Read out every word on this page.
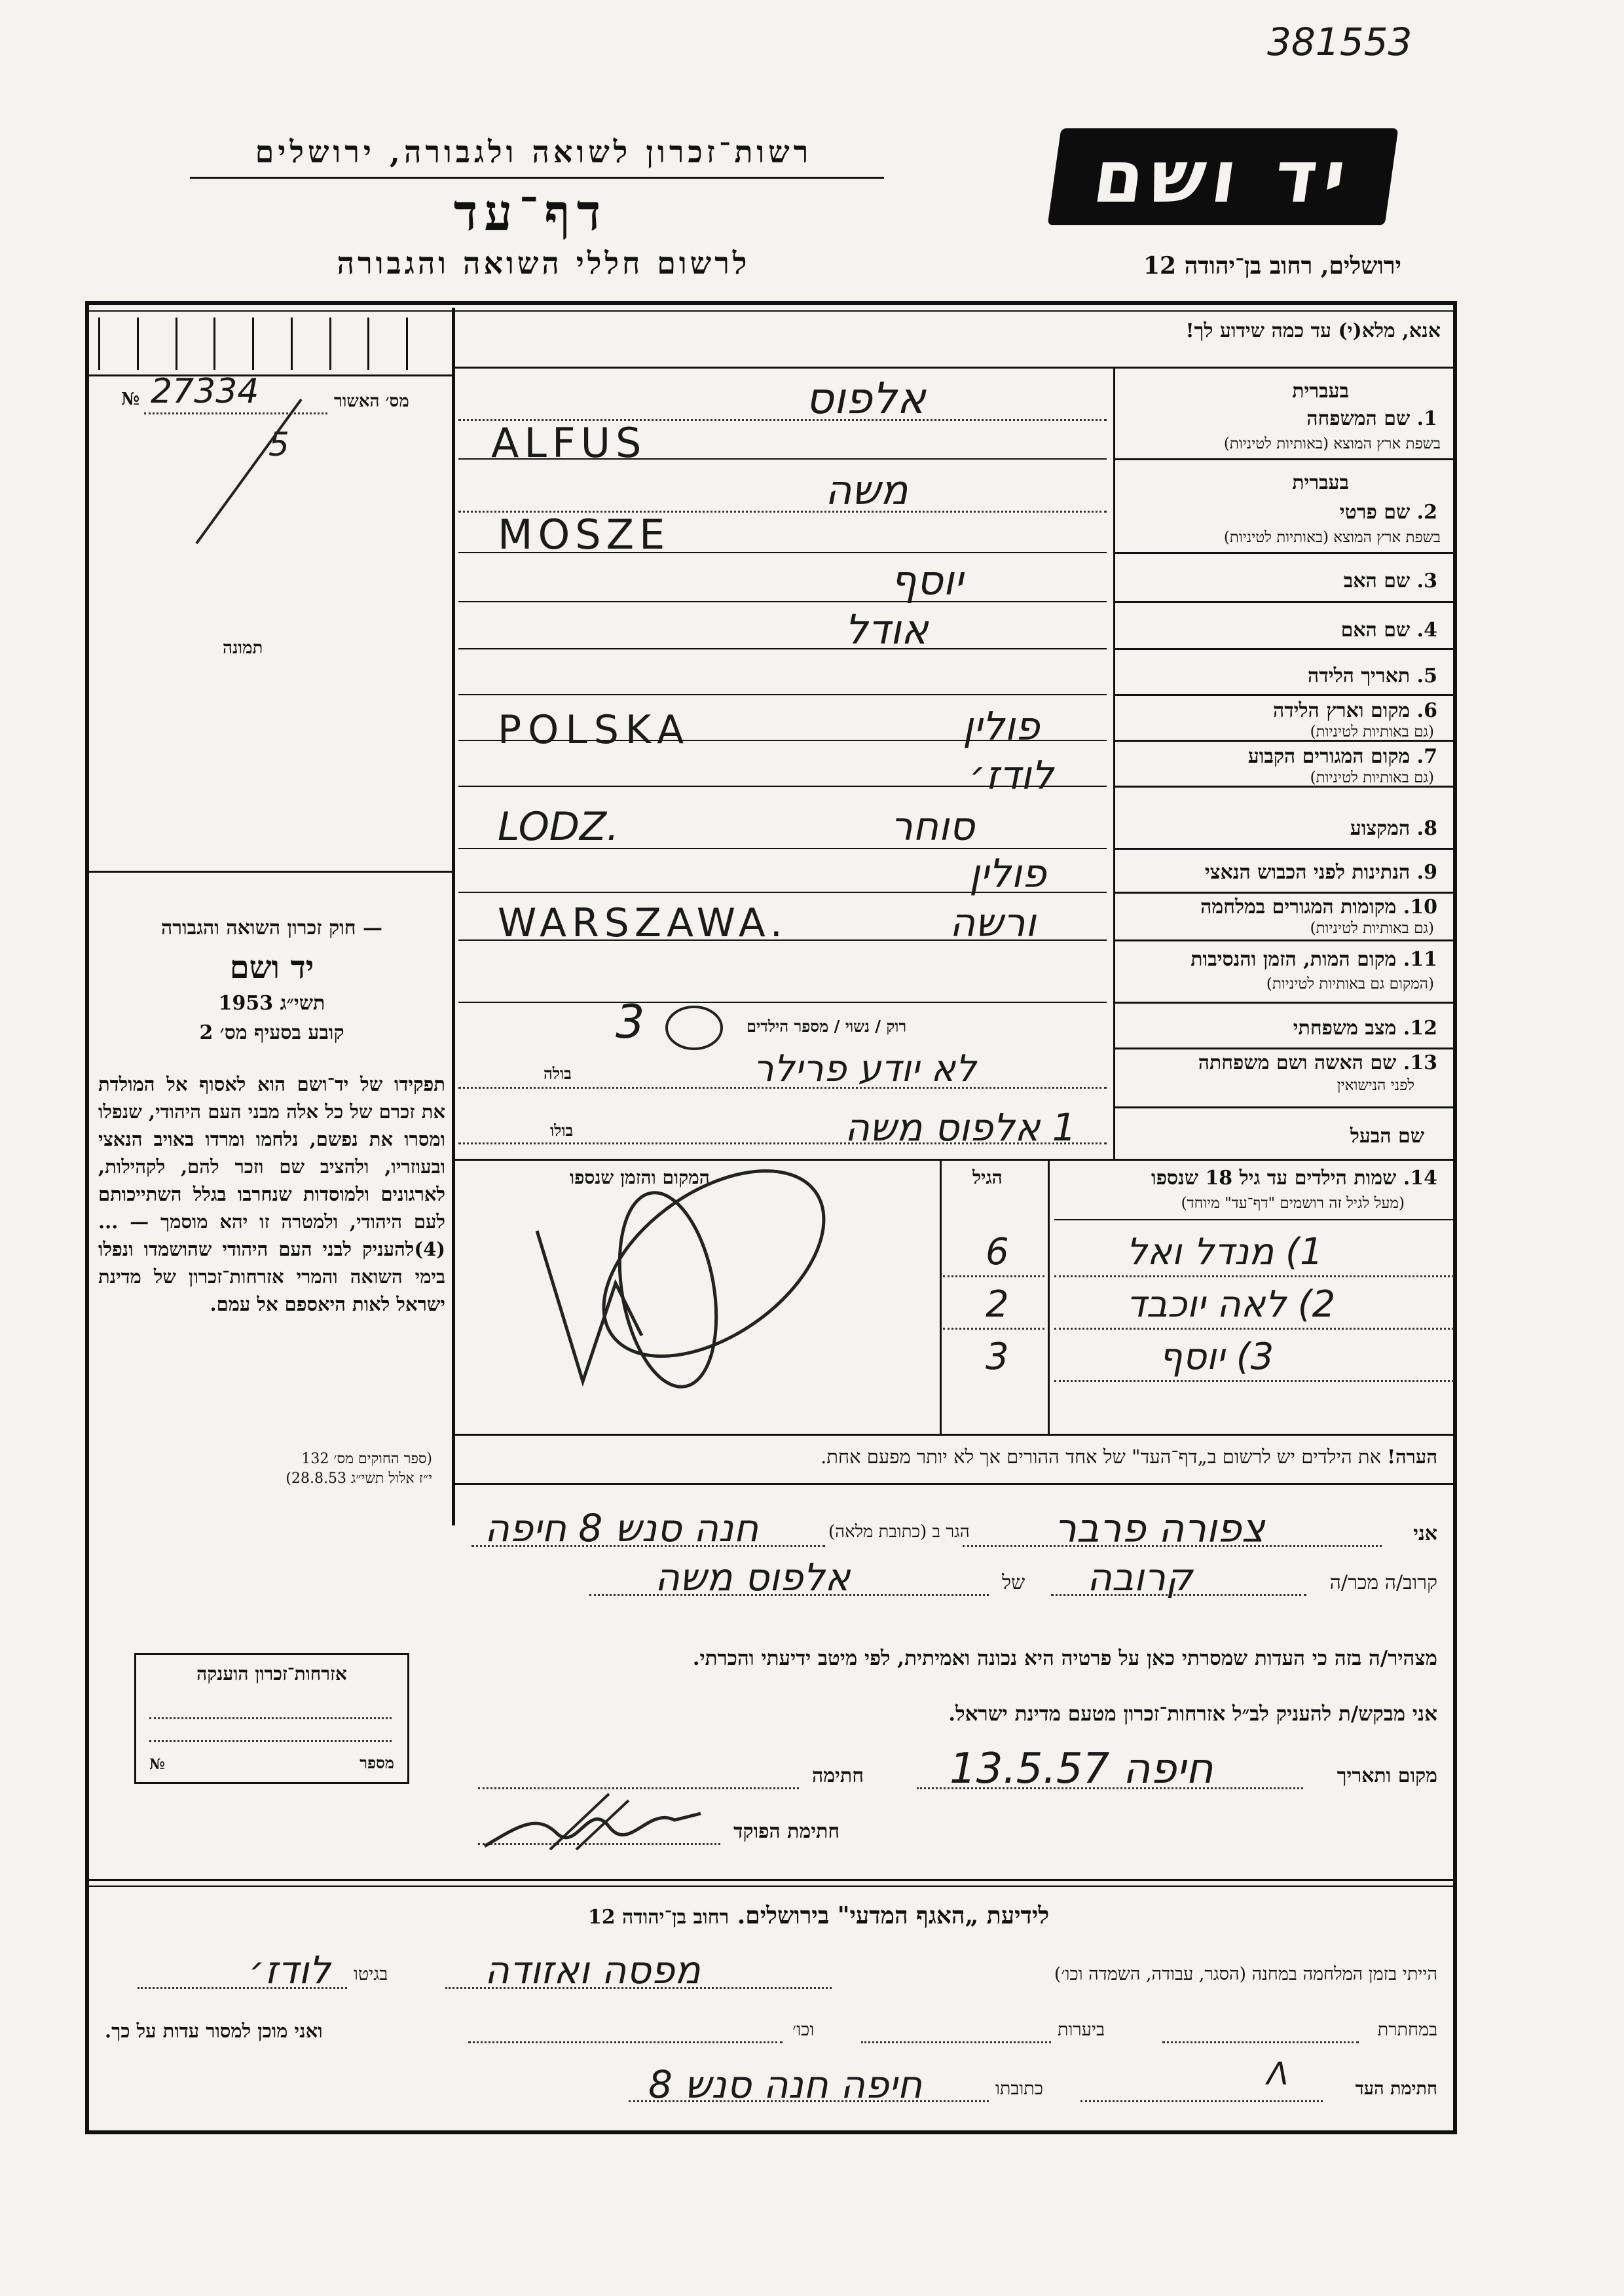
381553
רשות־זכרון לשואה ולגבורה, ירושלים
דף־עד
לרשום חללי השואה והגבורה
יד ושם
ירושלים, רחוב בן־יהודה 12
№ 27334	מס׳ האשור
5
תמונה
אנא, מלא(י) עד כמה שידוע לך!
בעברית
1. שם המשפחה
בשפת ארץ המוצא (באותיות לטיניות)
בעברית
2. שם פרטי
בשפת ארץ המוצא (באותיות לטיניות)
3. שם האב
4. שם האם
5. תאריך הלידה
6. מקום וארץ הלידה
(גם באותיות לטיניות)
7. מקום המגורים הקבוע
(גם באותיות לטיניות)
8. המקצוע
9. הנתינות לפני הכבוש הנאצי
10. מקומות המגורים במלחמה
(גם באותיות לטיניות)
11. מקום המות, הזמן והנסיבות
(המקום גם באותיות לטיניות)
12. מצב משפחתי
רוק / נשוי / מספר הילדים
13. שם האשה ושם משפחתה
לפני הנישואין
בולה
שם הבעל
בולו
אלפוס
ALFUS
משה
MOSZE
יוסף
אודל
פולין
POLSKA
לודז׳
LODZ.	סוחר
פולין
ורשה
WARSZAWA.
3
לא יודע פרילר
1 אלפוס משה
14. שמות הילדים עד גיל 18 שנספו
(מעל לגיל זה רושמים "דף־עד" מיוחד)
הגיל
המקום והזמן שנספו
1) מנדל ואל
6
2) לאה יוכבד
2
3) יוסף
3
הערה! את הילדים יש לרשום ב„דף־העד" של אחד ההורים אך לא יותר מפעם אחת.
— חוק זכרון השואה והגבורה
יד ושם
תשי״ג 1953
קובע בסעיף מס׳ 2
תפקידו של יד־ושם הוא לאסוף אל המולדת את זכרם של כל אלה מבני העם היהודי, שנפלו ומסרו את נפשם, נלחמו ומרדו באויב הנאצי ובעוזריו, ולהציב שם וזכר להם, לקהילות, לארגונים ולמוסדות שנחרבו בגלל השתייכותם לעם היהודי, ולמטרה זו יהא מוסמך — ...(4)להעניק לבני העם היהודי שהושמדו ונפלו בימי השואה והמרי אזרחות־זכרון של מדינת ישראל לאות היאספם אל עמם.
(ספר החוקים מס׳ 132
י״ז אלול תשי״ג 28.8.53)
אזרחות־זכרון הוענקה
מספר
№
אני
צפורה פרבר
הגר ב (כתובת מלאה)
חנה סנש 8 חיפה
קרוב/ה מכר/ה
קרובה
של
אלפוס משה
מצהיר/ה בזה כי העדות שמסרתי כאן על פרטיה היא נכונה ואמיתית, לפי מיטב ידיעתי והכרתי.
אני מבקש/ת להעניק לב״ל אזרחות־זכרון מטעם מדינת ישראל.
מקום ותאריך
חיפה 13.5.57
חתימה
חתימת הפוקד
לידיעת „האגף המדעי" בירושלים. רחוב בן־יהודה 12
הייתי בזמן המלחמה במחנה (הסגר, עבודה, השמדה וכו׳)
מפסה ואזודה
בגיטו
לודז׳
במחתרת
ביערות
וכו׳
ואני מוכן למסור עדות על כך.
חתימת העד
ᐱ
כתובתו
חיפה חנה סנש 8
